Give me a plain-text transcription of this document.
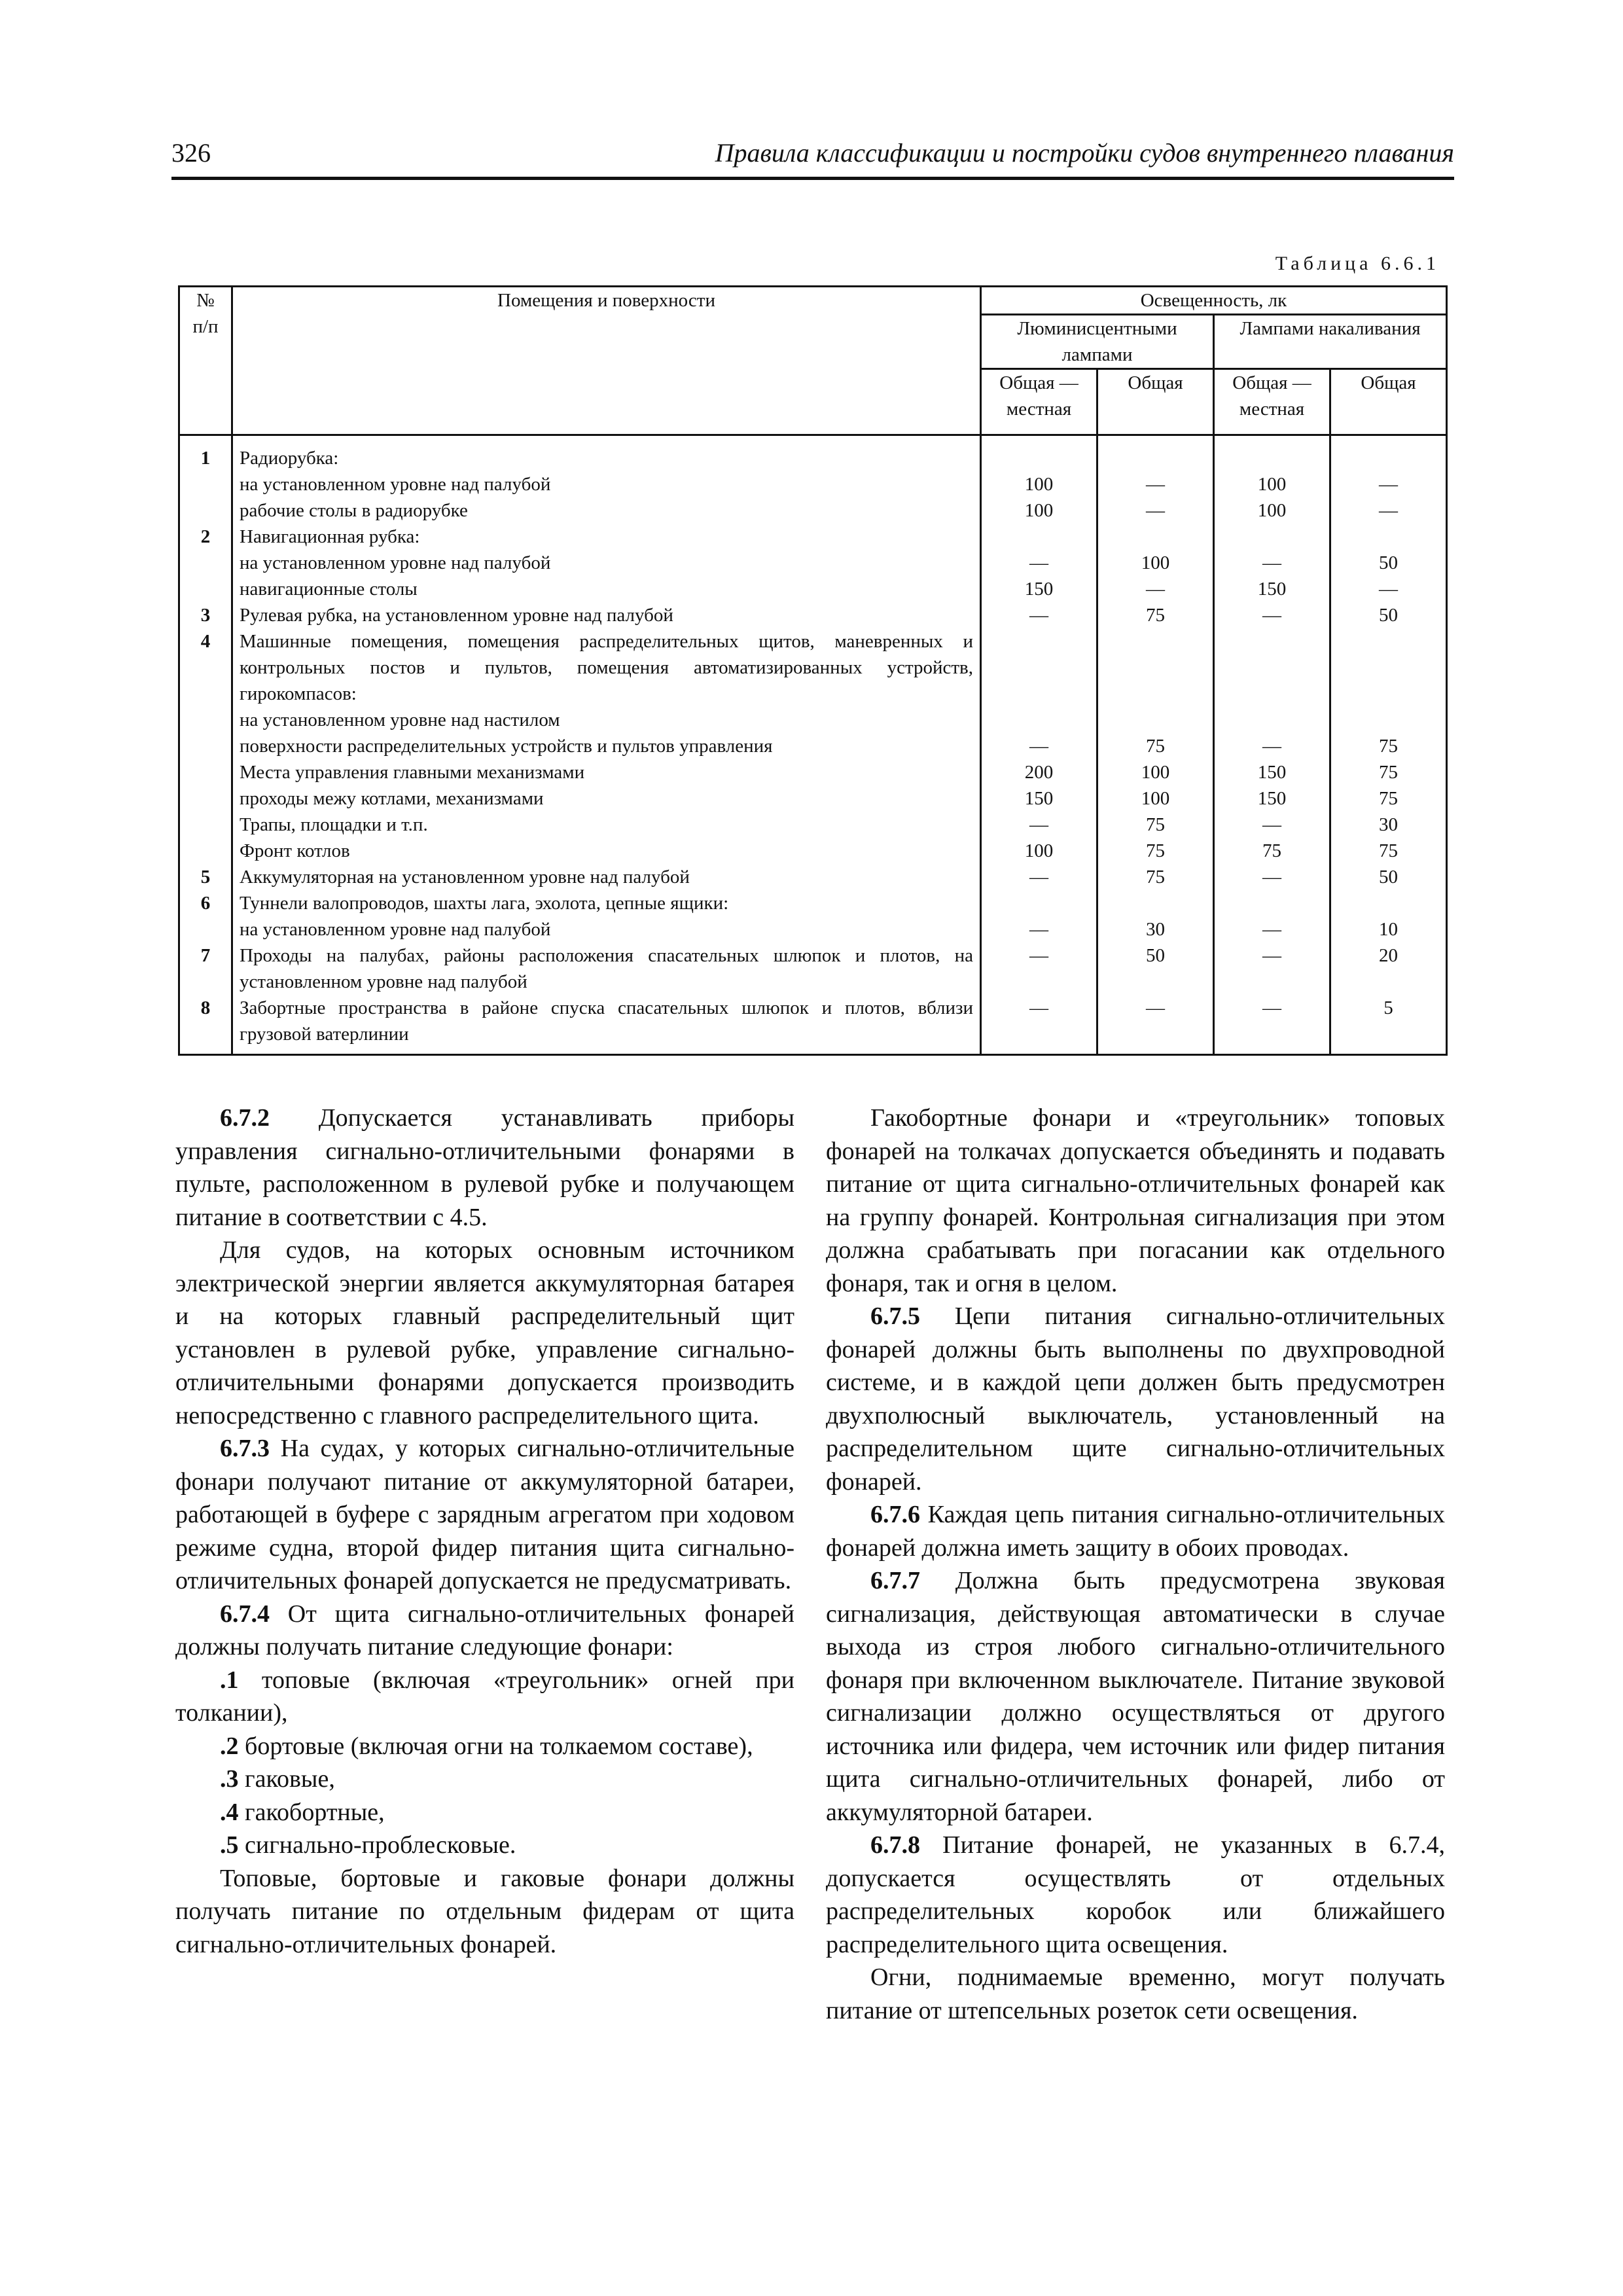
326	Правила классификации и постройки судов внутреннего плавания
Таблица 6.6.1
№ п/п	Помещения и поверхности	Освещенность, лк			
		Люминисцентными лампами		Лампами накаливания	
		Общая — местная	Общая	Общая — местная	Общая
1	Радиорубка:				
	на установленном уровне над палубой	100	—	100	—
	рабочие столы в радиорубке	100	—	100	—
2	Навигационная рубка:				
	на установленном уровне над палубой	—	100	—	50
	навигационные столы	150	—	150	—
3	Рулевая рубка, на установленном уровне над палубой	—	75	—	50
4	Машинные помещения, помещения распределительных щитов, маневренных и контрольных постов и пультов, помещения автоматизированных устройств, гирокомпасов:				
	на установленном уровне над настилом				
	поверхности распределительных устройств и пультов управления	—	75	—	75
	Места управления главными механизмами	200	100	150	75
	проходы межу котлами, механизмами	150	100	150	75
	Трапы, площадки и т.п.	—	75	—	30
	Фронт котлов	100	75	75	75
5	Аккумуляторная на установленном уровне над палубой	—	75	—	50
6	Туннели валопроводов, шахты лага, эхолота, цепные ящики:				
	на установленном уровне над палубой	—	30	—	10
7	Проходы на палубах, районы расположения спасательных шлюпок и плотов, на установленном уровне над палубой	—	50	—	20
8	Забортные пространства в районе спуска спасательных шлюпок и плотов, вблизи грузовой ватерлинии	—	—	—	5

6.7.2 Допускается устанавливать приборы управления сигнально-отличительными фонарями в пульте, расположенном в рулевой рубке и получающем питание в соответствии с 4.5.

Для судов, на которых основным источником электрической энергии является аккумуляторная батарея и на которых главный распределительный щит установлен в рулевой рубке, управление сигнально-отличительными фонарями допускается производить непосредственно с главного распределительного щита.

6.7.3 На судах, у которых сигнально-отличительные фонари получают питание от аккумуляторной батареи, работающей в буфере с зарядным агрегатом при ходовом режиме судна, второй фидер питания щита сигнально-отличительных фонарей допускается не предусматривать.

6.7.4 От щита сигнально-отличительных фонарей должны получать питание следующие фонари:

.1 топовые (включая «треугольник» огней при толкании),

.2 бортовые (включая огни на толкаемом составе),

.3 гаковые,

.4 гакобортные,

.5 сигнально-проблесковые.

Топовые, бортовые и гаковые фонари должны получать питание по отдельным фидерам от щита сигнально-отличительных фонарей.

Гакобортные фонари и «треугольник» топовых фонарей на толкачах допускается объединять и подавать питание от щита сигнально-отличительных фонарей как на группу фонарей. Контрольная сигнализация при этом должна срабатывать при погасании как отдельного фонаря, так и огня в целом.

6.7.5 Цепи питания сигнально-отличительных фонарей должны быть выполнены по двухпроводной системе, и в каждой цепи должен быть предусмотрен двухполюсный выключатель, установленный на распределительном щите сигнально-отличительных фонарей.

6.7.6 Каждая цепь питания сигнально-отличительных фонарей должна иметь защиту в обоих проводах.

6.7.7 Должна быть предусмотрена звуковая сигнализация, действующая автоматически в случае выхода из строя любого сигнально-отличительного фонаря при включенном выключателе. Питание звуковой сигнализации должно осуществляться от другого источника или фидера, чем источник или фидер питания щита сигнально-отличительных фонарей, либо от аккумуляторной батареи.

6.7.8 Питание фонарей, не указанных в 6.7.4, допускается осуществлять от отдельных распределительных коробок или ближайшего распределительного щита освещения.

Огни, поднимаемые временно, могут получать питание от штепсельных розеток сети освещения.
